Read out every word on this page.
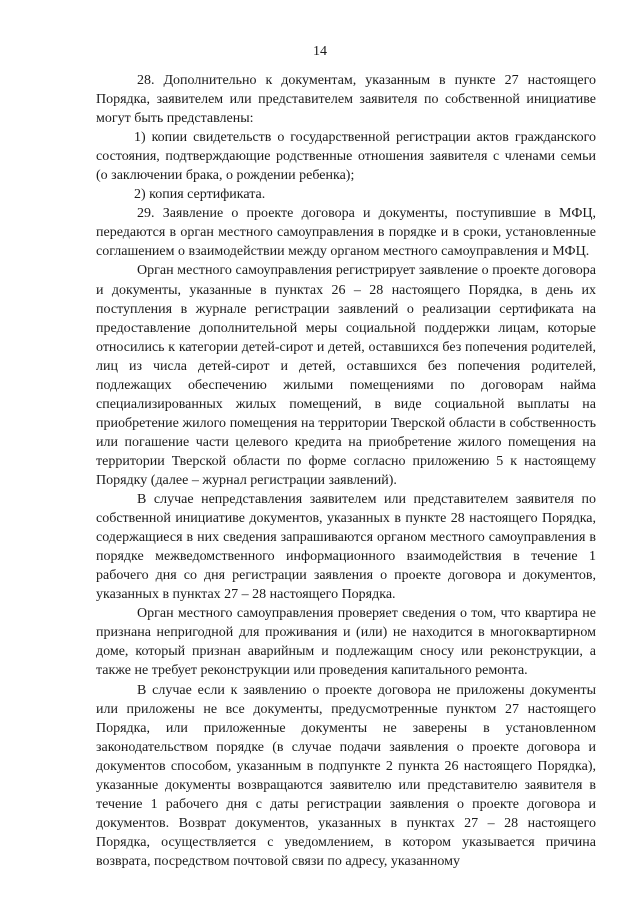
14

28. Дополнительно к документам, указанным в пункте 27 настоящего Порядка, заявителем или представителем заявителя по собственной инициативе могут быть представлены:

1) копии свидетельств о государственной регистрации актов гражданского состояния, подтверждающие родственные отношения заявителя с членами семьи (о заключении брака, о рождении ребенка);

2) копия сертификата.

29. Заявление о проекте договора и документы, поступившие в МФЦ, передаются в орган местного самоуправления в порядке и в сроки, установленные соглашением о взаимодействии между органом местного самоуправления и МФЦ.

Орган местного самоуправления регистрирует заявление о проекте договора и документы, указанные в пунктах 26 – 28 настоящего Порядка, в день их поступления в журнале регистрации заявлений о реализации сертификата на предоставление дополнительной меры социальной поддержки лицам, которые относились к категории детей-сирот и детей, оставшихся без попечения родителей, лиц из числа детей-сирот и детей, оставшихся без попечения родителей, подлежащих обеспечению жилыми помещениями по договорам найма специализированных жилых помещений, в виде социальной выплаты на приобретение жилого помещения на территории Тверской области в собственность или погашение части целевого кредита на приобретение жилого помещения на территории Тверской области по форме согласно приложению 5 к настоящему Порядку (далее – журнал регистрации заявлений).

В случае непредставления заявителем или представителем заявителя по собственной инициативе документов, указанных в пункте 28 настоящего Порядка, содержащиеся в них сведения запрашиваются органом местного самоуправления в порядке межведомственного информационного взаимодействия в течение 1 рабочего дня со дня регистрации заявления о проекте договора и документов, указанных в пунктах 27 – 28 настоящего Порядка.

Орган местного самоуправления проверяет сведения о том, что квартира не признана непригодной для проживания и (или) не находится в многоквартирном доме, который признан аварийным и подлежащим сносу или реконструкции, а также не требует реконструкции или проведения капитального ремонта.

В случае если к заявлению о проекте договора не приложены документы или приложены не все документы, предусмотренные пунктом 27 настоящего Порядка, или приложенные документы не заверены в установленном законодательством порядке (в случае подачи заявления о проекте договора и документов способом, указанным в подпункте 2 пункта 26 настоящего Порядка), указанные документы возвращаются заявителю или представителю заявителя в течение 1 рабочего дня с даты регистрации заявления о проекте договора и документов. Возврат документов, указанных в пунктах 27 – 28 настоящего Порядка, осуществляется с уведомлением, в котором указывается причина возврата, посредством почтовой связи по адресу, указанному
